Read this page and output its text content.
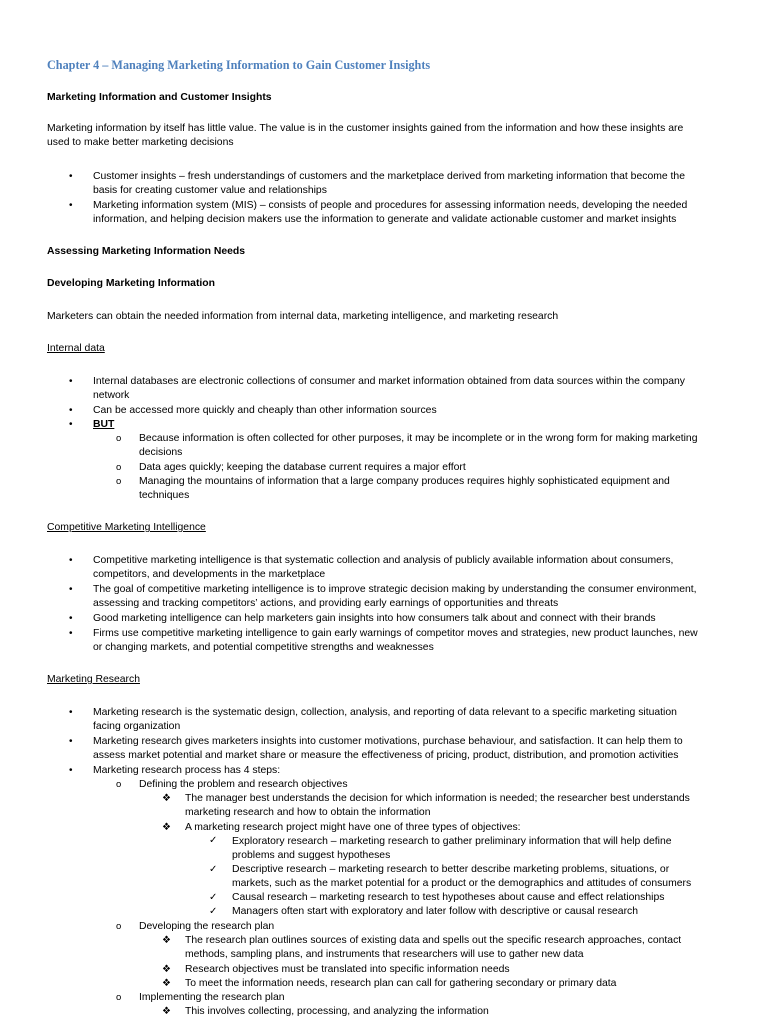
Chapter 4 – Managing Marketing Information to Gain Customer Insights
Marketing Information and Customer Insights
Marketing information by itself has little value. The value is in the customer insights gained from the information and how these insights are
used to make better marketing decisions
• Customer insights – fresh understandings of customers and the marketplace derived from marketing information that become the
basis for creating customer value and relationships
• Marketing information system (MIS) – consists of people and procedures for assessing information needs, developing the needed
information, and helping decision makers use the information to generate and validate actionable customer and market insights
Assessing Marketing Information Needs
Developing Marketing Information
Marketers can obtain the needed information from internal data, marketing intelligence, and marketing research
Internal data
• Internal databases are electronic collections of consumer and market information obtained from data sources within the company
network
• Can be accessed more quickly and cheaply than other information sources
• BUT
o Because information is often collected for other purposes, it may be incomplete or in the wrong form for making marketing
decisions
o Data ages quickly; keeping the database current requires a major effort
o Managing the mountains of information that a large company produces requires highly sophisticated equipment and
techniques
Competitive Marketing Intelligence
• Competitive marketing intelligence is that systematic collection and analysis of publicly available information about consumers,
competitors, and developments in the marketplace
• The goal of competitive marketing intelligence is to improve strategic decision making by understanding the consumer environment,
assessing and tracking competitors’ actions, and providing early earnings of opportunities and threats
• Good marketing intelligence can help marketers gain insights into how consumers talk about and connect with their brands
• Firms use competitive marketing intelligence to gain early warnings of competitor moves and strategies, new product launches, new
or changing markets, and potential competitive strengths and weaknesses
Marketing Research
• Marketing research is the systematic design, collection, analysis, and reporting of data relevant to a specific marketing situation
facing organization
• Marketing research gives marketers insights into customer motivations, purchase behaviour, and satisfaction. It can help them to
assess market potential and market share or measure the effectiveness of pricing, product, distribution, and promotion activities
• Marketing research process has 4 steps:
o Defining the problem and research objectives
❖ The manager best understands the decision for which information is needed; the researcher best understands
marketing research and how to obtain the information
❖ A marketing research project might have one of three types of objectives:
✓ Exploratory research – marketing research to gather preliminary information that will help define
problems and suggest hypotheses
✓ Descriptive research – marketing research to better describe marketing problems, situations, or
markets, such as the market potential for a product or the demographics and attitudes of consumers
✓ Causal research – marketing research to test hypotheses about cause and effect relationships
✓ Managers often start with exploratory and later follow with descriptive or causal research
o Developing the research plan
❖ The research plan outlines sources of existing data and spells out the specific research approaches, contact
methods, sampling plans, and instruments that researchers will use to gather new data
❖ Research objectives must be translated into specific information needs
❖ To meet the information needs, research plan can call for gathering secondary or primary data
o Implementing the research plan
❖ This involves collecting, processing, and analyzing the information
